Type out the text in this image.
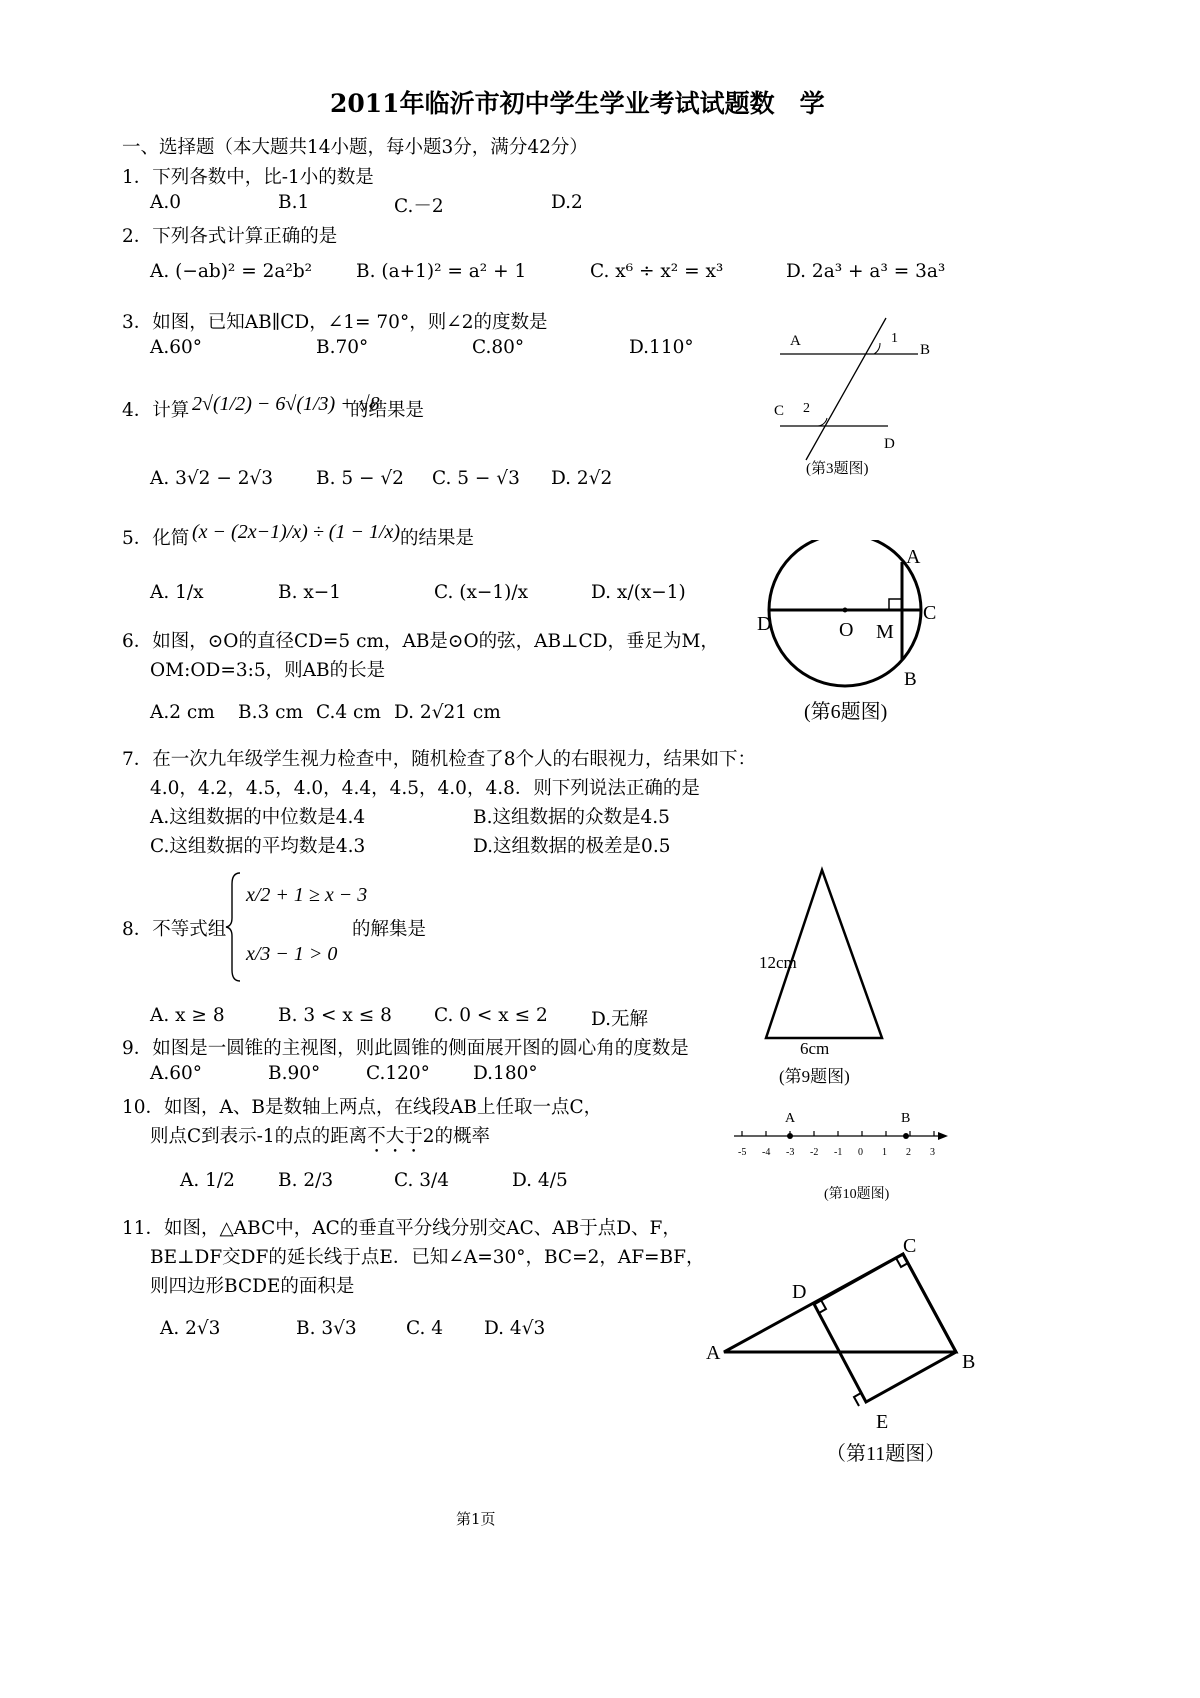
2011年临沂市初中学生学业考试试题数　学
一、选择题（本大题共14小题，每小题3分，满分42分）
1．下列各数中，比-1小的数是
A.0	B.1	C.－2	D.2
2．下列各式计算正确的是
A. (−ab)² = 2a²b² B. (a+1)² = a² + 1	C. x⁶ ÷ x² = x³	D. 2a³ + a³ = 3a³
3．如图，已知AB∥CD，∠1= 70°，则∠2的度数是
A.60°	B.70°	C.80°	D.110°	A
B
C
D
1
2
(第3题图)
4．计算 2√(1/2) − 6√(1/3) + √8
的结果是
A. 3√2 − 2√3 B. 5 − √2 C. 5 − √3 D. 2√2
5．化简 (x − (2x−1)/x) ÷ (1 − 1/x) 的结果是
A. 1/x	B. x−1	C. (x−1)/x	D. x/(x−1)
6．如图，⊙O的直径CD=5 cm，AB是⊙O的弦，AB⊥CD，垂足为M，
OM:OD=3:5，则AB的长是
A.2 cm B.3 cm C.4 cm D. 2√21 cm
A
B
C
D	O M
(第6题图)
7．在一次九年级学生视力检查中，随机检查了8个人的右眼视力，结果如下：
4.0，4.2，4.5，4.0，4.4，4.5，4.0，4.8．则下列说法正确的是
A.这组数据的中位数是4.4	B.这组数据的众数是4.5
C.这组数据的平均数是4.3	D.这组数据的极差是0.5
8．不等式组
x/2 + 1 ≥ x − 3
x/3 − 1 > 0
的解集是
A. x ≥ 8	B. 3 < x ≤ 8 C. 0 < x ≤ 2 D.无解
12cm
6cm
(第9题图)
9．如图是一圆锥的主视图，则此圆锥的侧面展开图的圆心角的度数是
A.60°	B.90° C.120° D.180°
10．如图，A、B是数轴上两点，在线段AB上任取一点C，
则点C到表示-1的点的距离不大于2的概率
A. 1/2 B. 2/3	C. 3/4	D. 4/5
-5 -4 -3 -2 -1 0 1 2 3
A	B
(第10题图)
11．如图，△ABC中，AC的垂直平分线分别交AC、AB于点D、F，
BE⊥DF交DF的延长线于点E．已知∠A=30°，BC=2，AF=BF，
则四边形BCDE的面积是
A. 2√3	B. 3√3	C. 4 D. 4√3
A	B
C
D
E
（第11题图）
第1页
